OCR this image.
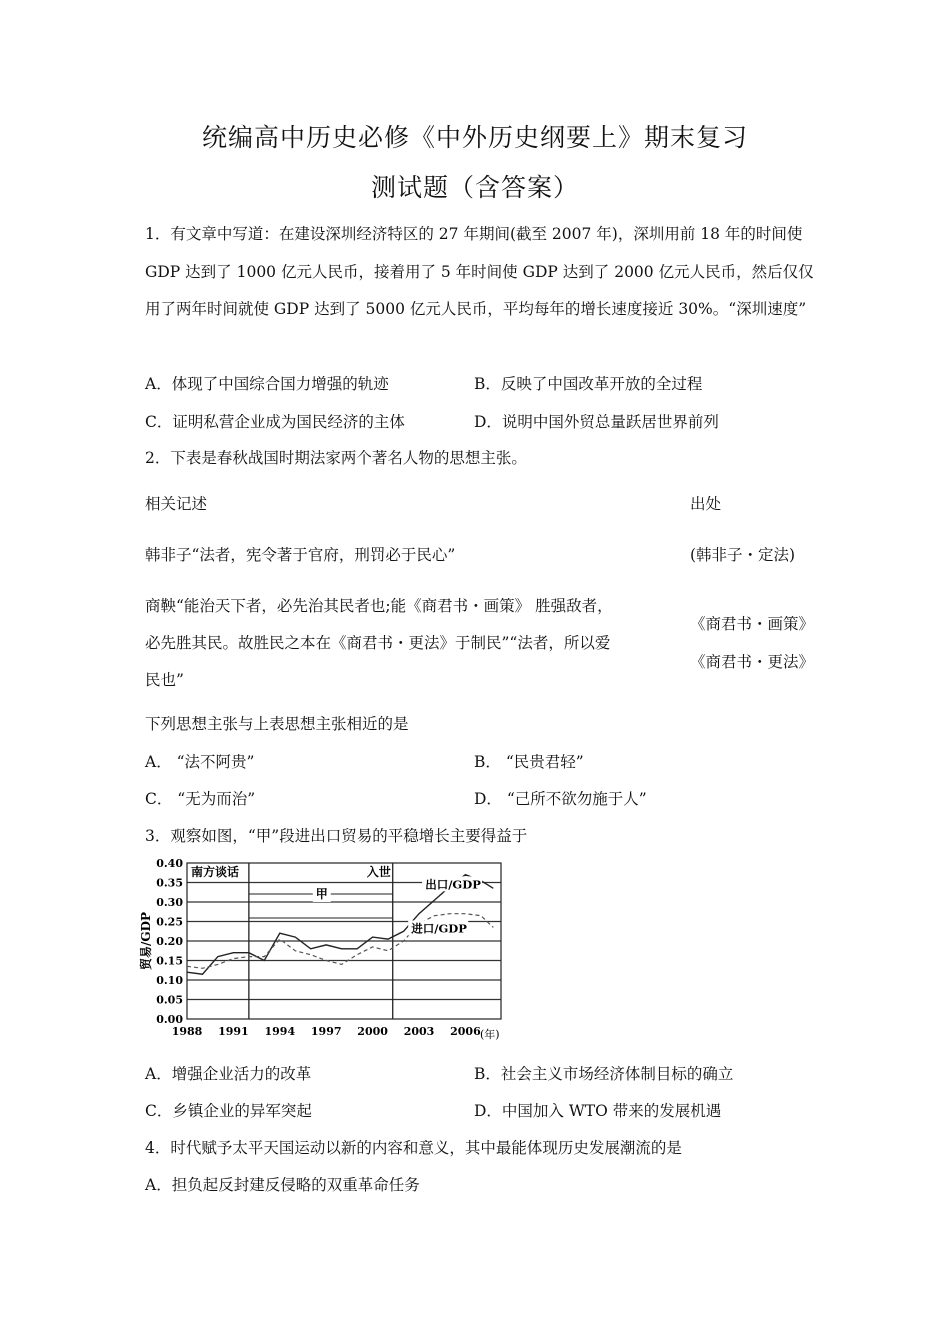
统编高中历史必修《中外历史纲要上》期末复习
测试题（含答案）
1．有文章中写道：在建设深圳经济特区的 27 年期间(截至 2007 年)，深圳用前 18 年的时间使 GDP 达到了 1000 亿元人民币，接着用了 5 年时间使 GDP 达到了 2000 亿元人民币，然后仅仅用了两年时间就使 GDP 达到了 5000 亿元人民币，平均每年的增长速度接近 30%。“深圳速度”
A．体现了中国综合国力增强的轨迹	B．反映了中国改革开放的全过程
C．证明私营企业成为国民经济的主体	D．说明中国外贸总量跃居世界前列
2．下表是春秋战国时期法家两个著名人物的思想主张。
相关记述	出处
韩非子“法者，宪令著于官府，刑罚必于民心”	(韩非子・定法)
商鞅“能治天下者，必先治其民者也;能《商君书・画策》 胜强敌者，
必先胜其民。故胜民之本在《商君书・更法》于制民”“法者，所以爱
民也”
《商君书・画策》
《商君书・更法》
下列思想主张与上表思想主张相近的是
A． “法不阿贵”	B． “民贵君轻”
C． “无为而治”	D． “己所不欲勿施于人”
3．观察如图，“甲”段进出口贸易的平稳增长主要得益于
0.00
0.05
0.10
0.15
0.20
0.25
0.30
0.35
0.40
1988 1991 1994 1997 2000 2003 2006
贸易/GDP
(年)
南方谈话	入世
甲
出口/GDP
进口/GDP
A．增强企业活力的改革	B．社会主义市场经济体制目标的确立
C．乡镇企业的异军突起	D．中国加入 WTO 带来的发展机遇
4．时代赋予太平天国运动以新的内容和意义，其中最能体现历史发展潮流的是
A．担负起反封建反侵略的双重革命任务
